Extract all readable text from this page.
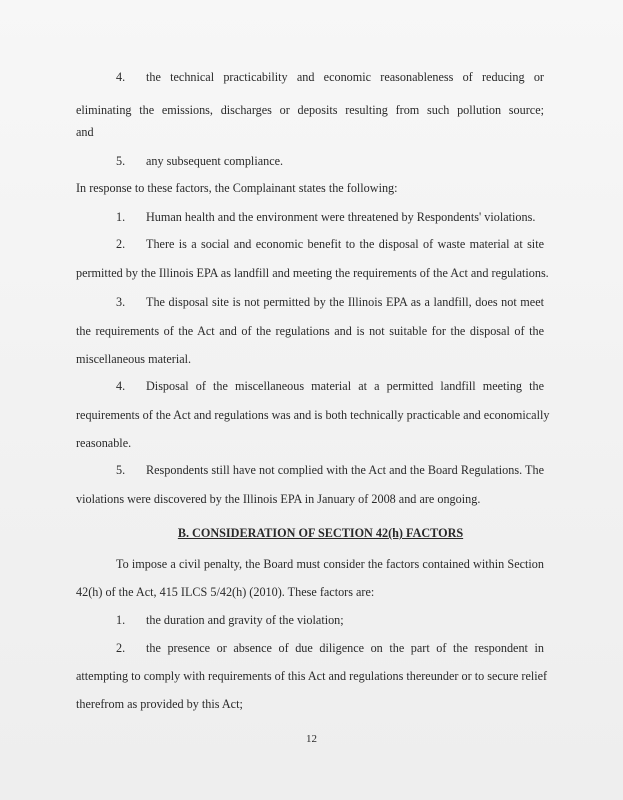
4.	the technical practicability and economic reasonableness of reducing or
eliminating the emissions, discharges or deposits resulting from such pollution source;
and
5.	any subsequent compliance.
In response to these factors, the Complainant states the following:
1.	Human health and the environment were threatened by Respondents' violations.
2.	There is a social and economic benefit to the disposal of waste material at site
permitted by the Illinois EPA as landfill and meeting the requirements of the Act and regulations.
3.	The disposal site is not permitted by the Illinois EPA as a landfill, does not meet
the requirements of the Act and of the regulations and is not suitable for the disposal of the
miscellaneous material.
4.	Disposal of the miscellaneous material at a permitted landfill meeting the
requirements of the Act and regulations was and is both technically practicable and economically
reasonable.
5.	Respondents still have not complied with the Act and the Board Regulations. The
violations were discovered by the Illinois EPA in January of 2008 and are ongoing.
B. CONSIDERATION OF SECTION 42(h) FACTORS
To impose a civil penalty, the Board must consider the factors contained within Section
42(h) of the Act, 415 ILCS 5/42(h) (2010). These factors are:
1.	the duration and gravity of the violation;
2.	the presence or absence of due diligence on the part of the respondent in
attempting to comply with requirements of this Act and regulations thereunder or to secure relief
therefrom as provided by this Act;
12
